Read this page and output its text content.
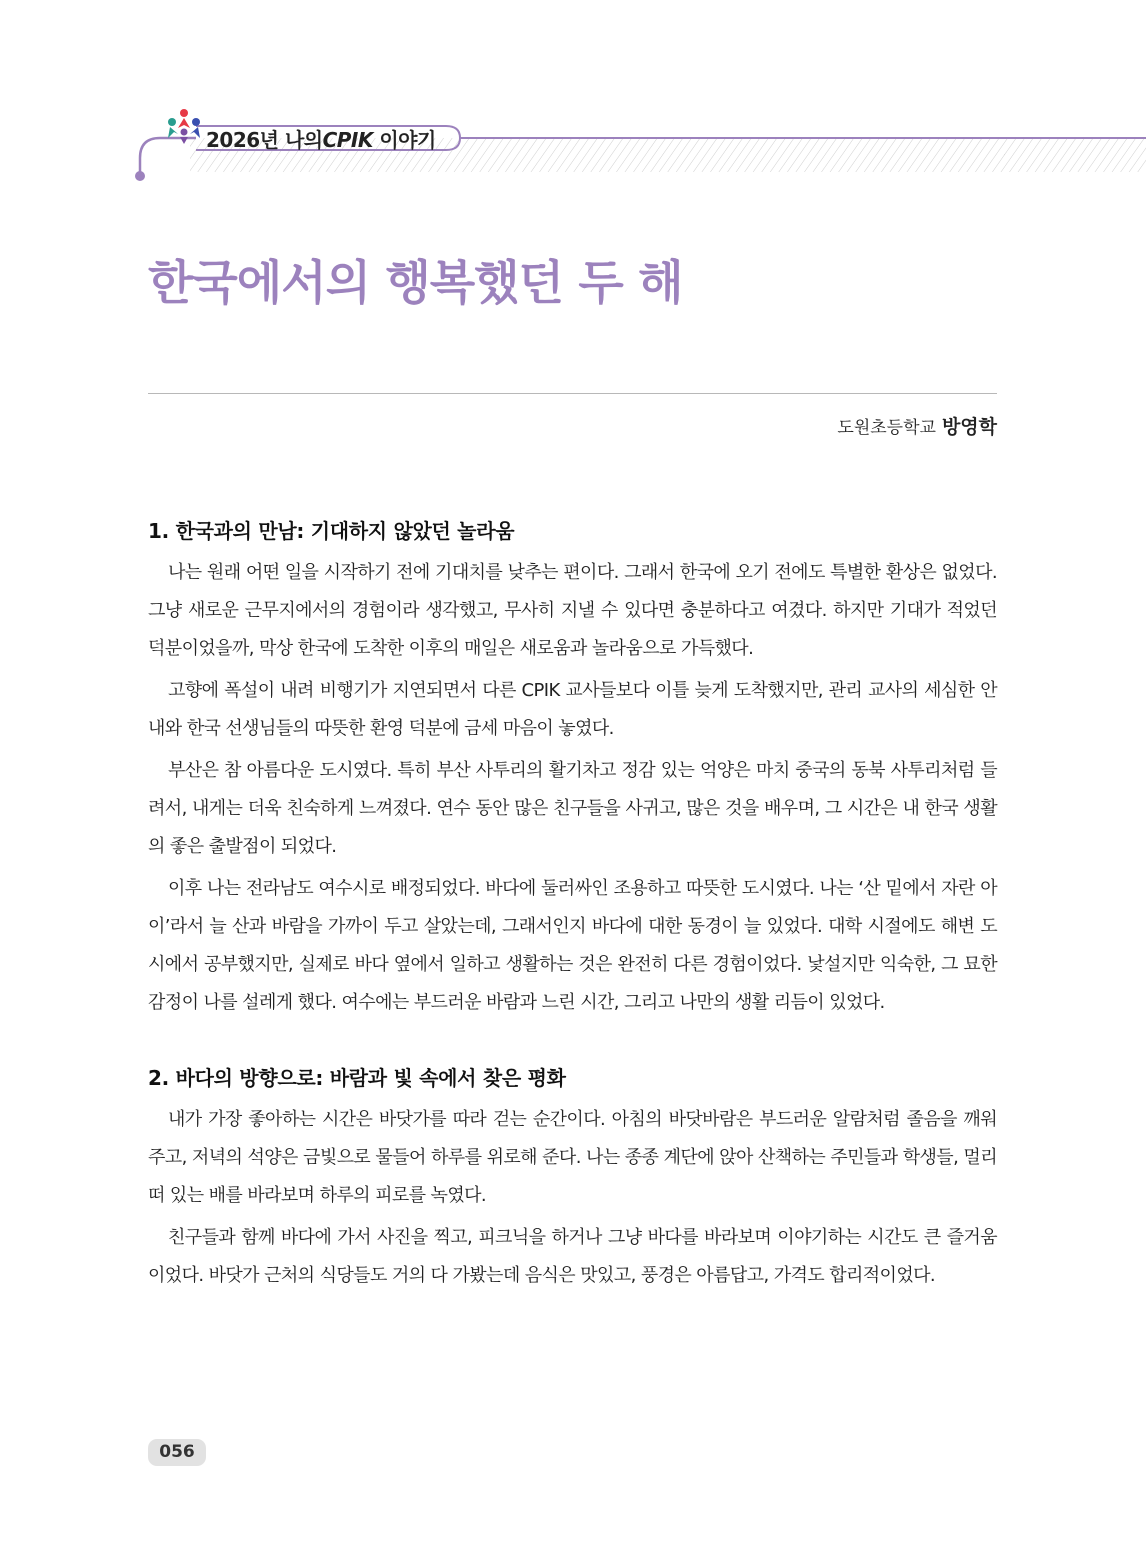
2026년 나의CPIK 이야기
한국에서의 행복했던 두 해
도원초등학교 방영학
1. 한국과의 만남: 기대하지 않았던 놀라움

나는 원래 어떤 일을 시작하기 전에 기대치를 낮추는 편이다. 그래서 한국에 오기 전에도 특별한 환상은 없었다. 그냥 새로운 근무지에서의 경험이라 생각했고, 무사히 지낼 수 있다면 충분하다고 여겼다. 하지만 기대가 적었던 덕분이었을까, 막상 한국에 도착한 이후의 매일은 새로움과 놀라움으로 가득했다.

고향에 폭설이 내려 비행기가 지연되면서 다른 CPIK 교사들보다 이틀 늦게 도착했지만, 관리 교사의 세심한 안내와 한국 선생님들의 따뜻한 환영 덕분에 금세 마음이 놓였다.

부산은 참 아름다운 도시였다. 특히 부산 사투리의 활기차고 정감 있는 억양은 마치 중국의 동북 사투리처럼 들려서, 내게는 더욱 친숙하게 느껴졌다. 연수 동안 많은 친구들을 사귀고, 많은 것을 배우며, 그 시간은 내 한국 생활의 좋은 출발점이 되었다.

이후 나는 전라남도 여수시로 배정되었다. 바다에 둘러싸인 조용하고 따뜻한 도시였다. 나는 ‘산 밑에서 자란 아이’라서 늘 산과 바람을 가까이 두고 살았는데, 그래서인지 바다에 대한 동경이 늘 있었다. 대학 시절에도 해변 도시에서 공부했지만, 실제로 바다 옆에서 일하고 생활하는 것은 완전히 다른 경험이었다. 낯설지만 익숙한, 그 묘한 감정이 나를 설레게 했다. 여수에는 부드러운 바람과 느린 시간, 그리고 나만의 생활 리듬이 있었다.

2. 바다의 방향으로: 바람과 빛 속에서 찾은 평화

내가 가장 좋아하는 시간은 바닷가를 따라 걷는 순간이다. 아침의 바닷바람은 부드러운 알람처럼 졸음을 깨워 주고, 저녁의 석양은 금빛으로 물들어 하루를 위로해 준다. 나는 종종 계단에 앉아 산책하는 주민들과 학생들, 멀리 떠 있는 배를 바라보며 하루의 피로를 녹였다.

친구들과 함께 바다에 가서 사진을 찍고, 피크닉을 하거나 그냥 바다를 바라보며 이야기하는 시간도 큰 즐거움이었다. 바닷가 근처의 식당들도 거의 다 가봤는데 음식은 맛있고, 풍경은 아름답고, 가격도 합리적이었다.

056
